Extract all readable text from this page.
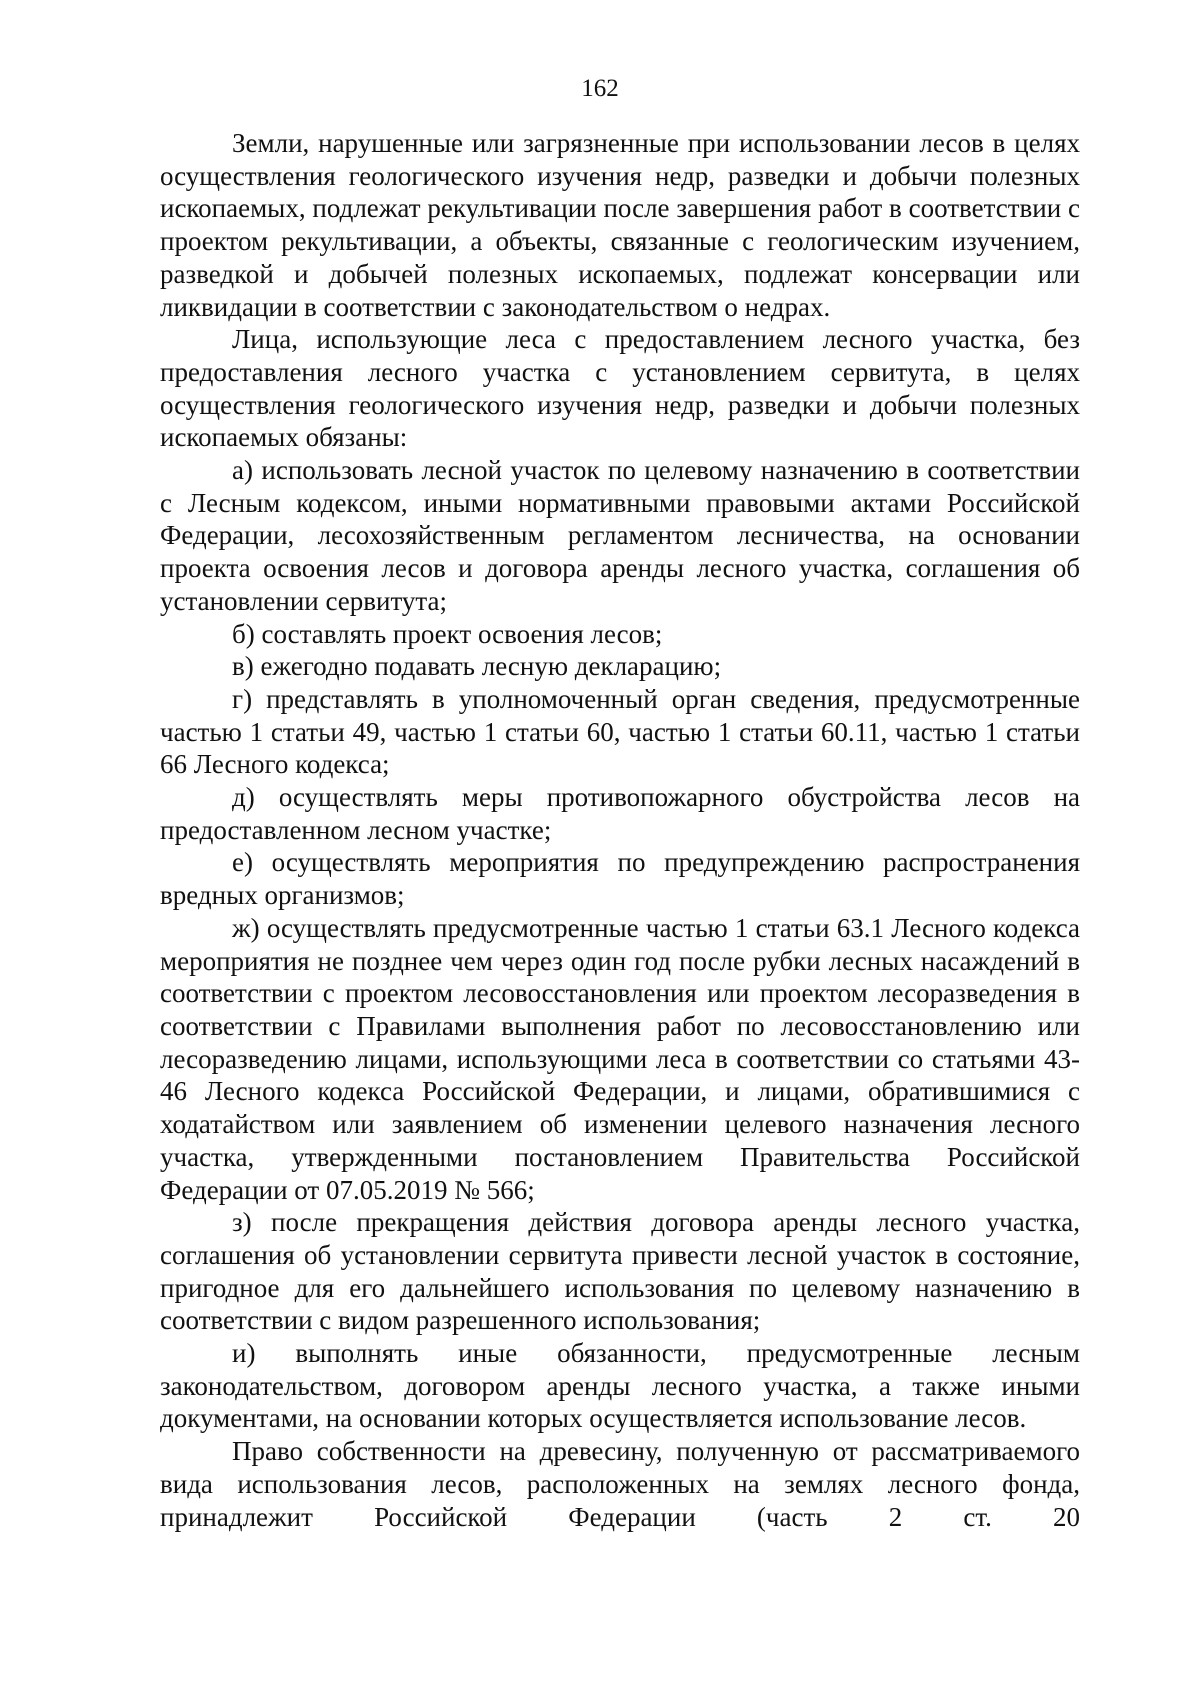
162

Земли, нарушенные или загрязненные при использовании лесов в целях осуществления геологического изучения недр, разведки и добычи полезных ископаемых, подлежат рекультивации после завершения работ в соответствии с проектом рекультивации, а объекты, связанные с геологическим изучением, разведкой и добычей полезных ископаемых, подлежат консервации или ликвидации в соответствии с законодательством о недрах.

Лица, использующие леса с предоставлением лесного участка, без предоставления лесного участка с установлением сервитута, в целях осуществления геологического изучения недр, разведки и добычи полезных ископаемых обязаны:

а) использовать лесной участок по целевому назначению в соответствии с Лесным кодексом, иными нормативными правовыми актами Российской Федерации, лесохозяйственным регламентом лесничества, на основании проекта освоения лесов и договора аренды лесного участка, соглашения об установлении сервитута;

б) составлять проект освоения лесов;

в) ежегодно подавать лесную декларацию;

г) представлять в уполномоченный орган сведения, предусмотренные частью 1 статьи 49, частью 1 статьи 60, частью 1 статьи 60.11, частью 1 статьи 66 Лесного кодекса;

д) осуществлять меры противопожарного обустройства лесов на предоставленном лесном участке;

е) осуществлять мероприятия по предупреждению распространения вредных организмов;

ж) осуществлять предусмотренные частью 1 статьи 63.1 Лесного кодекса мероприятия не позднее чем через один год после рубки лесных насаждений в соответствии с проектом лесовосстановления или проектом лесоразведения в соответствии с Правилами выполнения работ по лесовосстановлению или лесоразведению лицами, использующими леса в соответствии со статьями 43-46 Лесного кодекса Российской Федерации, и лицами, обратившимися с ходатайством или заявлением об изменении целевого назначения лесного участка, утвержденными постановлением Правительства Российской Федерации от 07.05.2019 № 566;

з) после прекращения действия договора аренды лесного участка, соглашения об установлении сервитута привести лесной участок в состояние, пригодное для его дальнейшего использования по целевому назначению в соответствии с видом разрешенного использования;

и) выполнять иные обязанности, предусмотренные лесным законодательством, договором аренды лесного участка, а также иными документами, на основании которых осуществляется использование лесов.

Право собственности на древесину, полученную от рассматриваемого вида использования лесов, расположенных на землях лесного фонда, принадлежит Российской Федерации (часть 2 ст. 20
